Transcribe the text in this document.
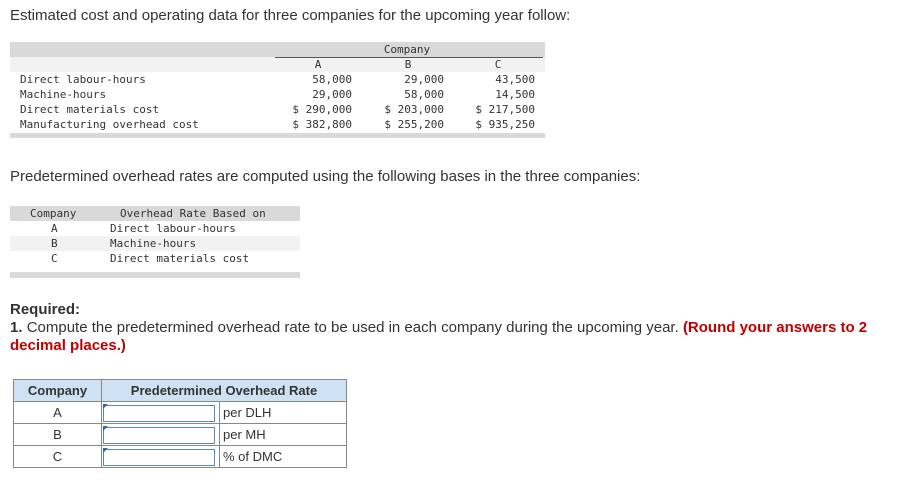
Estimated cost and operating data for three companies for the upcoming year follow:
Company
A	B	C
Direct labour-hours	58,000	29,000	43,500
Machine-hours	29,000	58,000	14,500
Direct materials cost	$ 290,000	$ 203,000	$ 217,500
Manufacturing overhead cost	$ 382,800	$ 255,200	$ 935,250
Predetermined overhead rates are computed using the following bases in the three companies:
Company	Overhead Rate Based on
A	Direct labour-hours
B	Machine-hours
C	Direct materials cost
Required:
1. Compute the predetermined overhead rate to be used in each company during the upcoming year. (Round your answers to 2 decimal places.)
Company	Predetermined Overhead Rate	
A		per DLH
B		per MH
C		% of DMC
